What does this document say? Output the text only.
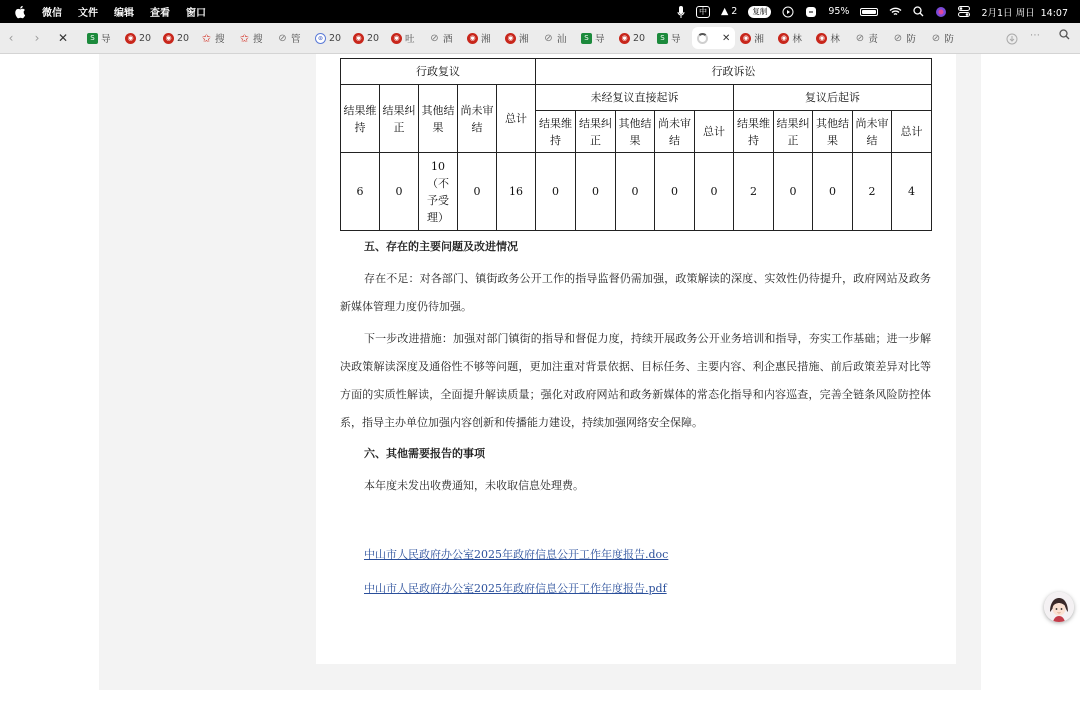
微信 文件 编辑 查看 窗口	中	▲
2	复制	95%	2月1日 周日  14:07
‹	›	✕	S 导	◉ 20	◉ 20 ✩ 搜 ✩ 搜 ⊘ 管	⊛ 20	◉ 20	◉ 吐 ⊘ 酒	◉ 湘	◉ 湘 ⊘ 汕	S 导	◉ 20	S 导	✕	◉ 湘	◉ 林	◉ 林 ⊘ 责 ⊘ 防 ⊘ 防	⋯
行政复议					行政诉讼									
结果维持	结果纠正	其他结果	尚未审结	总计	未经复议直接起诉					复议后起诉				
					结果维持	结果纠正	其他结果	尚未审结	总计	结果维持	结果纠正	其他结果	尚未审结	总计
6	0	10（不予受理）	0	16	0	0	0	0	0	2	0	0	2	4
五、存在的主要问题及改进情况
存在不足：对各部门、镇街政务公开工作的指导监督仍需加强，政策解读的深度、实效性仍待提升，政府网站及政务新媒体管理力度仍待加强。
下一步改进措施：加强对部门镇街的指导和督促力度，持续开展政务公开业务培训和指导，夯实工作基础；进一步解决政策解读深度及通俗性不够等问题，更加注重对背景依据、目标任务、主要内容、利企惠民措施、前后政策差异对比等方面的实质性解读，全面提升解读质量；强化对政府网站和政务新媒体的常态化指导和内容巡查，完善全链条风险防控体系，指导主办单位加强内容创新和传播能力建设，持续加强网络安全保障。
六、其他需要报告的事项
本年度未发出收费通知，未收取信息处理费。
中山市人民政府办公室2025年政府信息公开工作年度报告.doc
中山市人民政府办公室2025年政府信息公开工作年度报告.pdf
